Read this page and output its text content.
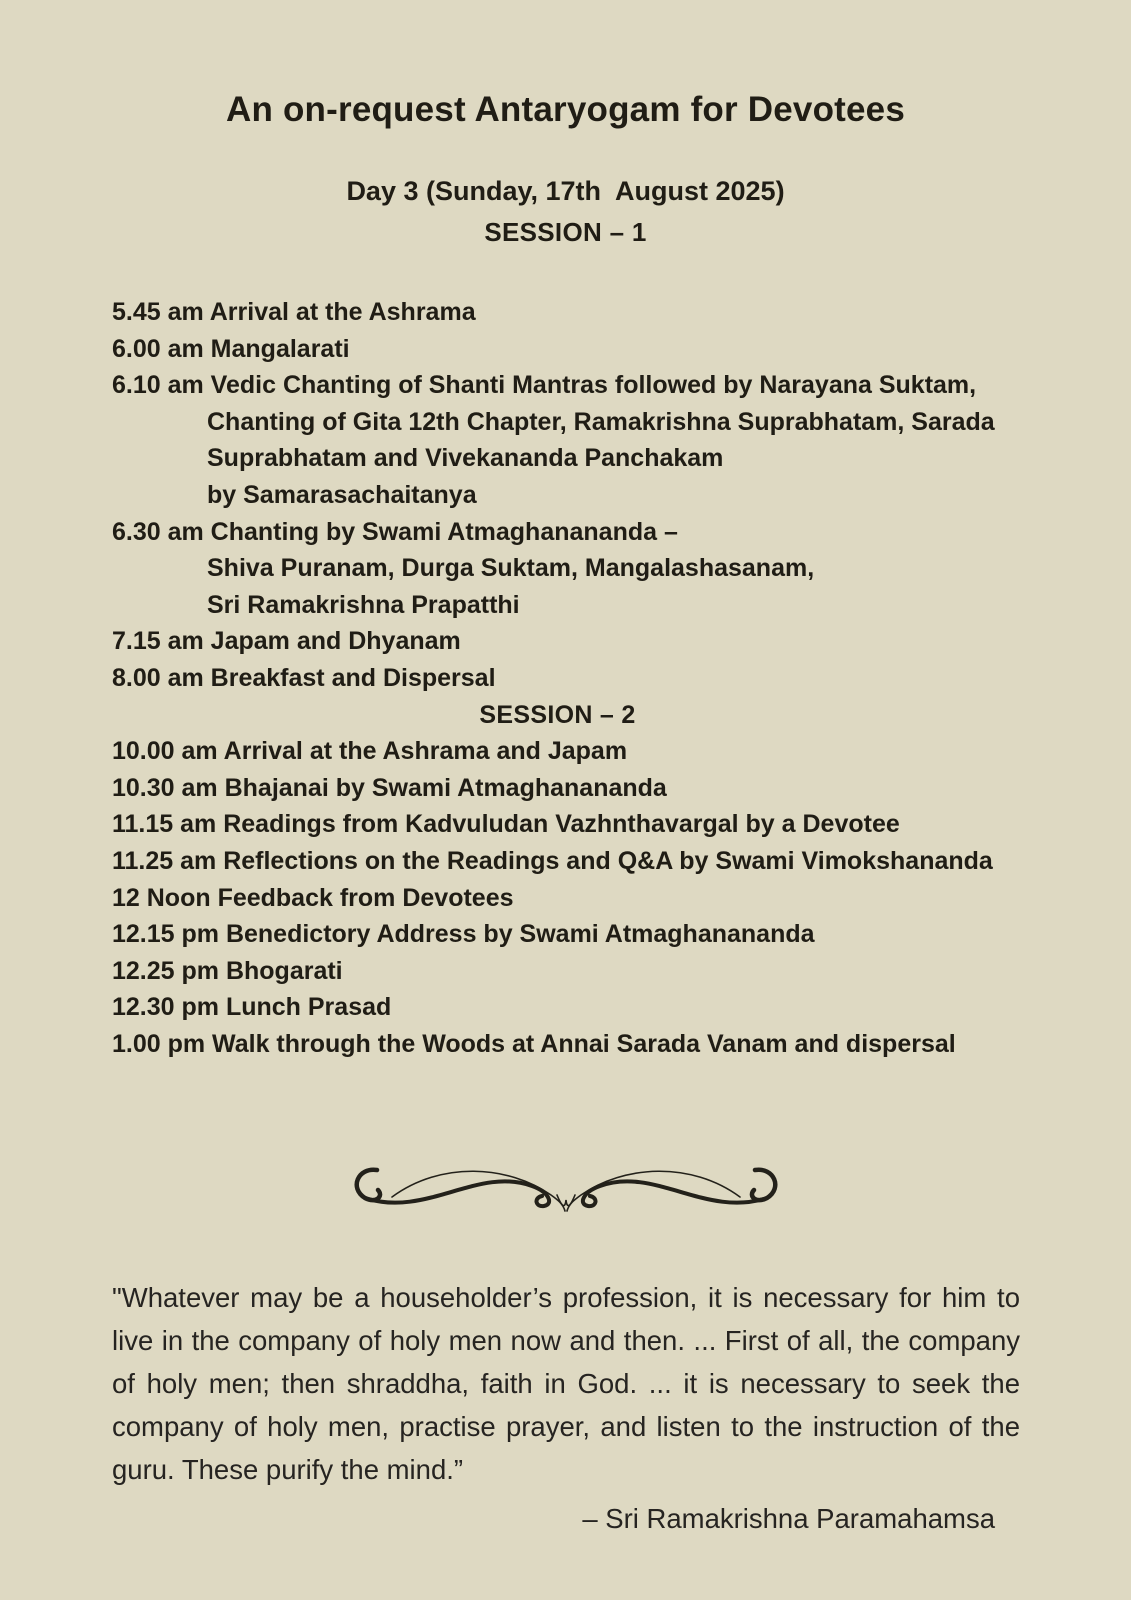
An on-request Antaryogam for Devotees
Day 3 (Sunday, 17th  August 2025)
SESSION – 1
5.45 am Arrival at the Ashrama
6.00 am Mangalarati
6.10 am Vedic Chanting of Shanti Mantras followed by Narayana Suktam,
Chanting of Gita 12th Chapter, Ramakrishna Suprabhatam, Sarada
Suprabhatam and Vivekananda Panchakam
by Samarasachaitanya
6.30 am Chanting by Swami Atmaghanananda –
Shiva Puranam, Durga Suktam, Mangalashasanam,
Sri Ramakrishna Prapatthi
7.15 am Japam and Dhyanam
8.00 am Breakfast and Dispersal
SESSION – 2
10.00 am Arrival at the Ashrama and Japam
10.30 am Bhajanai by Swami Atmaghanananda
11.15 am Readings from Kadvuludan Vazhnthavargal by a Devotee
11.25 am Reflections on the Readings and Q&A by Swami Vimokshananda
12 Noon Feedback from Devotees
12.15 pm Benedictory Address by Swami Atmaghanananda
12.25 pm Bhogarati
12.30 pm Lunch Prasad
1.00 pm Walk through the Woods at Annai Sarada Vanam and dispersal
"Whatever may be a householder’s profession, it is necessary for him to live in the company of holy men now and then. ... First of all, the company of holy men; then shraddha, faith in God. ... it is necessary to seek the company of holy men, practise prayer, and listen to the instruction of the guru. These purify the mind.”
– Sri Ramakrishna Paramahamsa
